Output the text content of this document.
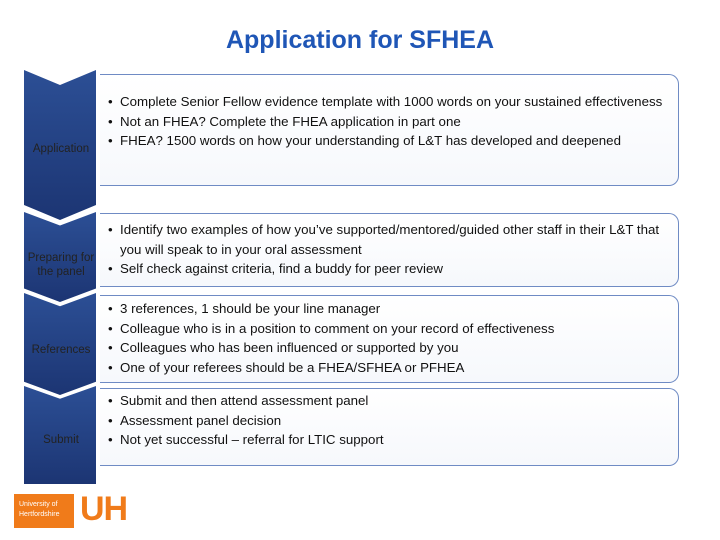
Application for SFHEA
Application
• Complete Senior Fellow evidence template with 1000 words on your sustained effectiveness
• Not an FHEA? Complete the FHEA application in part one
• FHEA? 1500 words on how your understanding of L&T has developed and deepened
Preparing for the panel
• Identify two examples of how you’ve supported/mentored/guided other staff in their L&T that you will speak to in your oral assessment
• Self check against criteria, find a buddy for peer review
References
• 3 references, 1 should be your line manager
• Colleague who is in a position to comment on your record of effectiveness
• Colleagues who has been influenced or supported by you
• One of your referees should be a FHEA/SFHEA or PFHEA
Submit
• Submit and then attend assessment panel
• Assessment panel decision
• Not yet successful – referral for LTIC support
University of Hertfordshire UH
